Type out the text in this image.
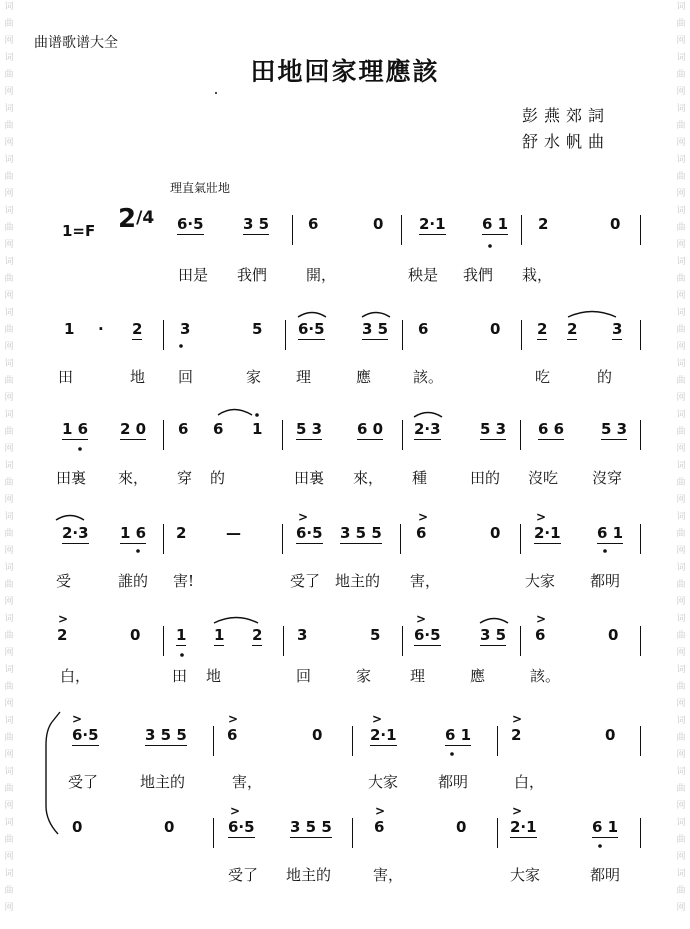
词
曲
网
词
曲
网
词
曲
网
词
曲
网
词
曲
网
词
曲
网
词
曲
网
词
曲
网
词
曲
网
词
曲
网
词
曲
网
词
曲
网
词
曲
网
词
曲
网
词
曲
网
词
曲
网
词
曲
网
词
曲
网
词
曲
网
词
曲
网
词
曲
网
词
曲
网
词
曲
网
词
曲
网
词
曲
网
词
曲
网
词
曲
网
词
曲
网
词
曲
网
词
曲
网
词
曲
网
词
曲
网
词
曲
网
词
曲
网
词
曲
网
词
曲
网
曲谱歌谱大全
田地回家理應該
彭燕郊詞
舒水帆曲
理直氣壯地
1=F 2/4 6·5	3 5	6	0 2·1 6 1 2	0
田是 我們	開，	秧是 我們 栽，
1 · 2	3	5 6·5 3 5 6	0 2 2 3
田	地 回	家 理	應	該。	吃	的
1 6 2 0 6 6 1 5 3 6 0 2·3	5 3 6 6 5 3
田裏 來， 穿 的	田裏 來， 種	田的 沒吃 沒穿
2·3 1 6 2	—
>
6·5 3 5 5
>
6	0
>
2·1 6 1
受	誰的 害!	受了 地主的 害，	大家 都明
>
2	0 1 1 2 3	5
>
6·5	3 5
>
6	0
白，	田 地	回	家	理	應	該。
>
6·5	3 5 5
>
6	0
>
2·1	6 1
>
2	0
受了	地主的	害，	大家	都明	白，
0	0
>
6·5 3 5 5
>
6	0
>
2·1	6 1
受了 地主的	害，	大家	都明
